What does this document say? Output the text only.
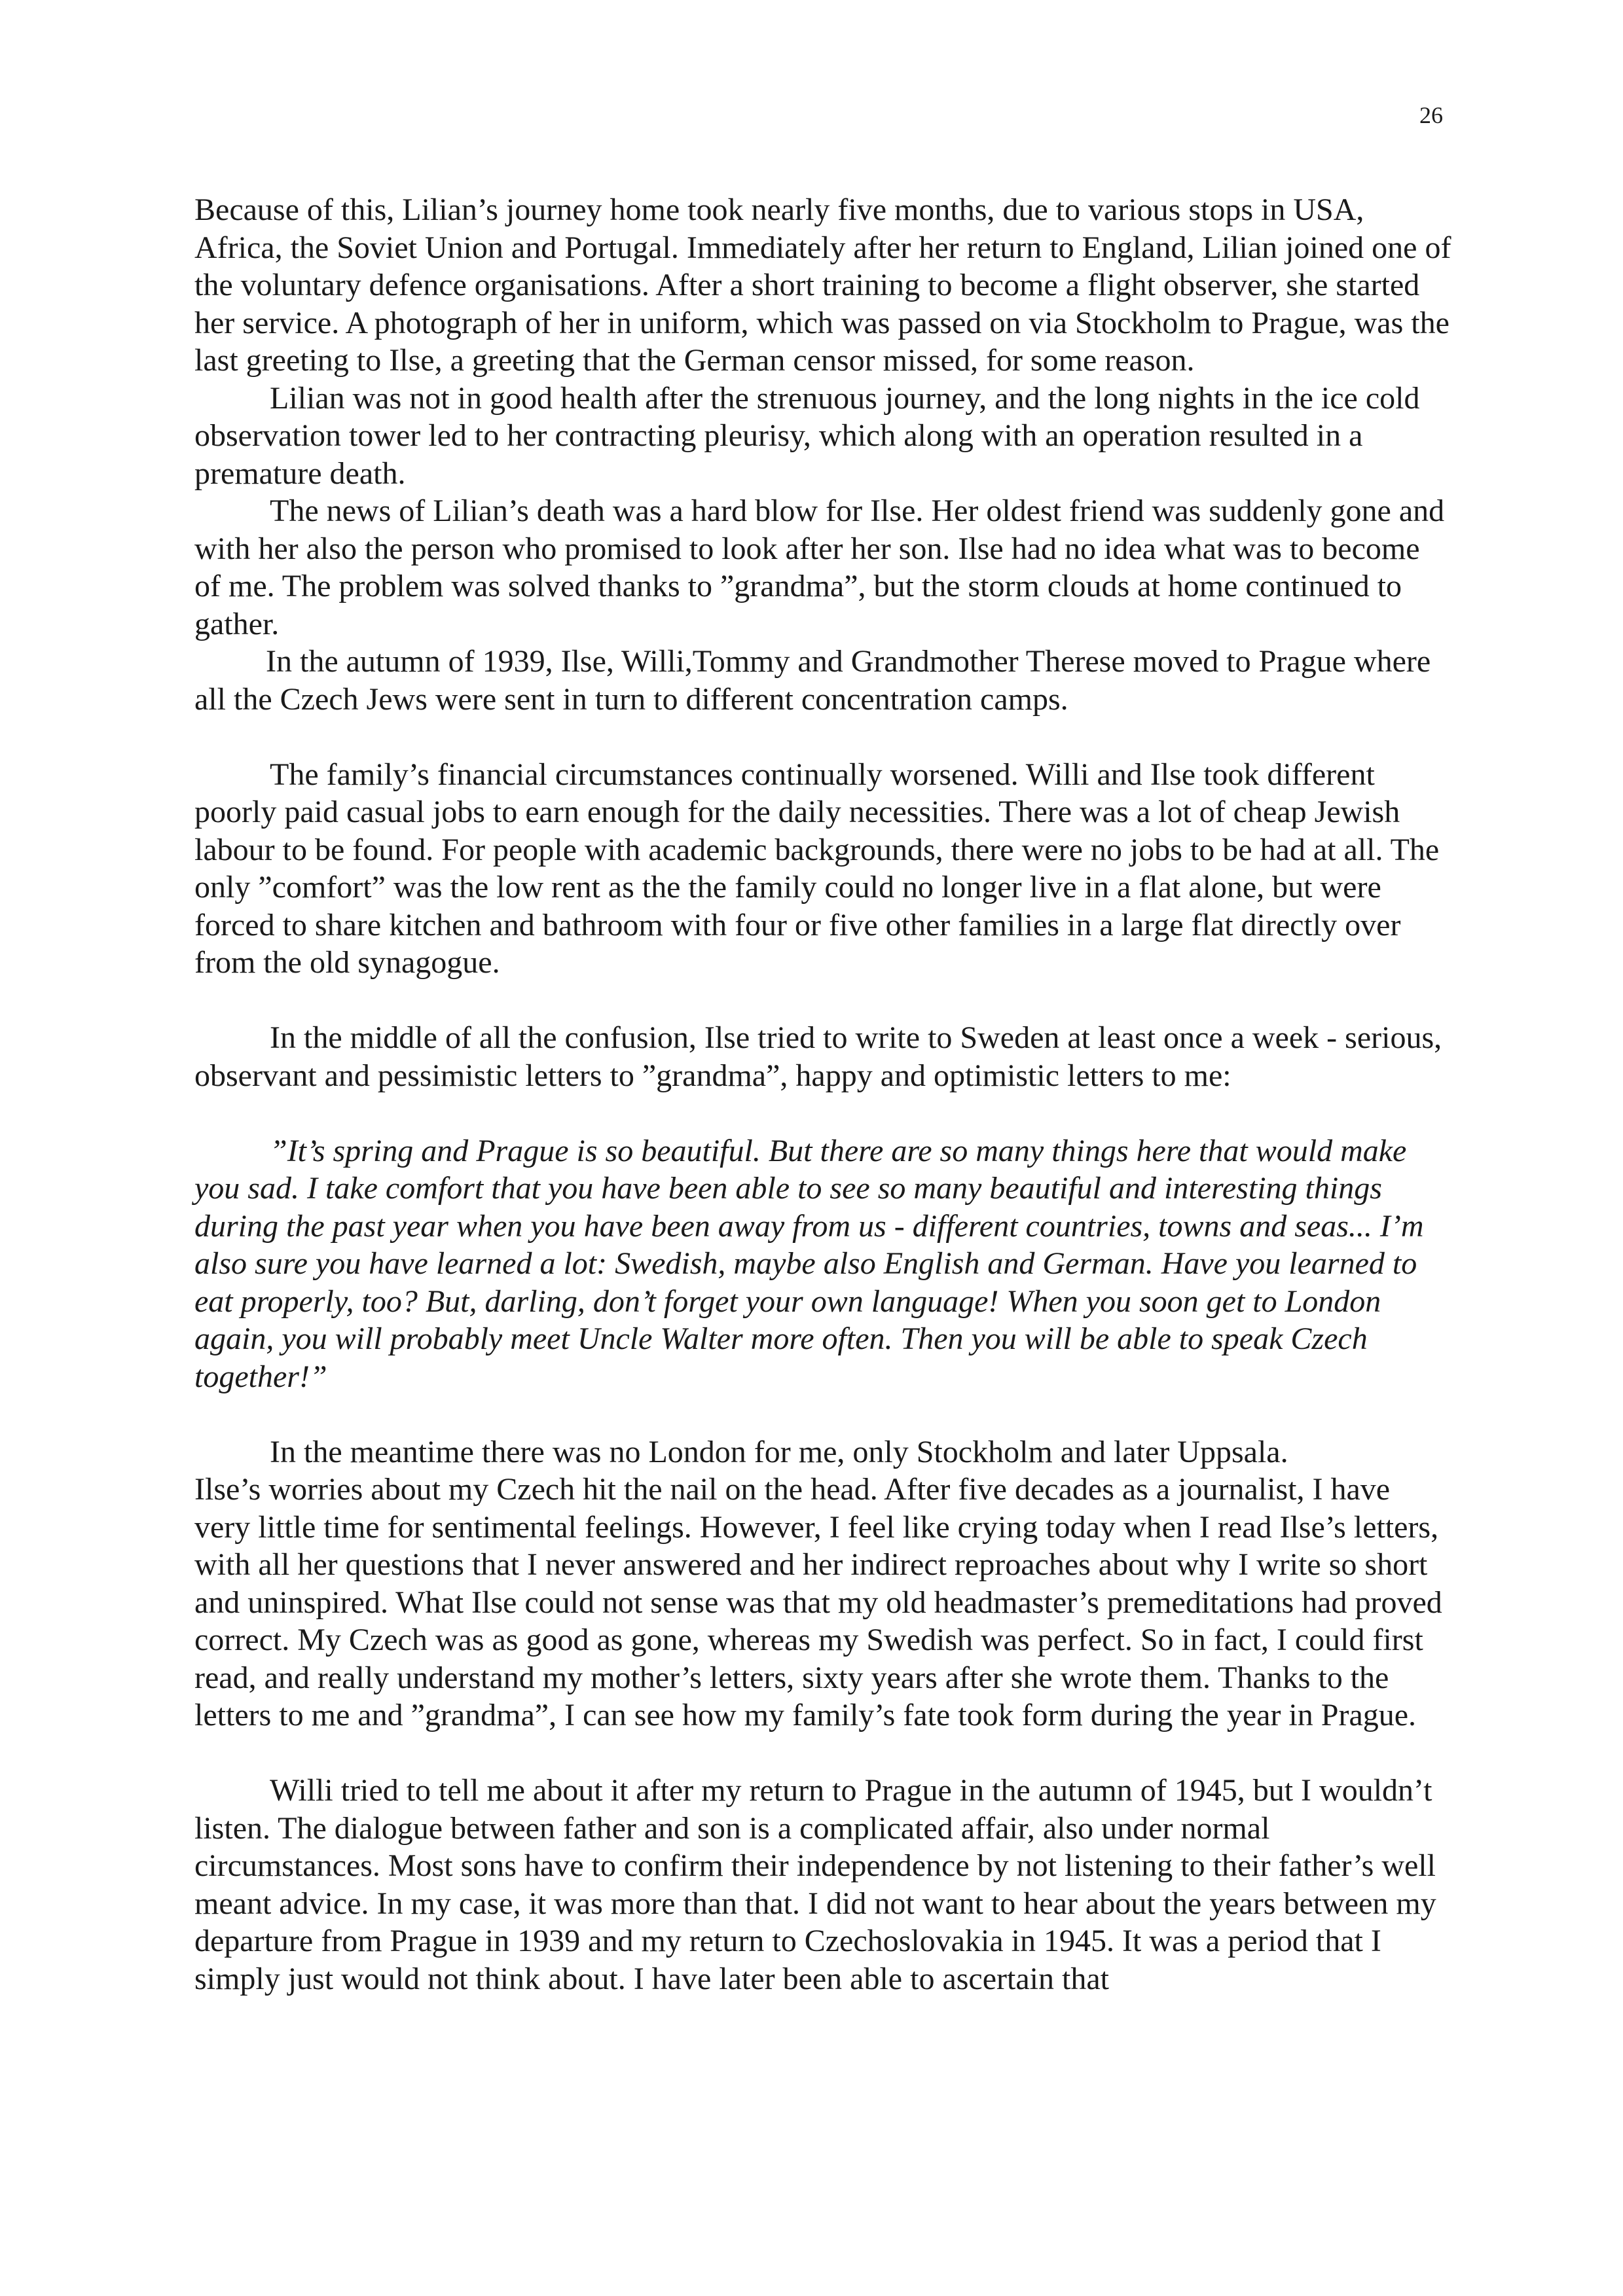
26

Because of this, Lilian’s journey home took nearly five months, due to various stops in USA, Africa, the Soviet Union and Portugal. Immediately after her return to England, Lilian joined one of the voluntary defence organisations. After a short training to become a flight observer, she started her service. A photograph of her in uniform, which was passed on via Stockholm to Prague, was the last greeting to Ilse, a greeting that the German censor missed, for some reason.

Lilian was not in good health after the strenuous journey, and the long nights in the ice cold observation tower led to her contracting pleurisy, which along with an operation resulted in a premature death.

The news of Lilian’s death was a hard blow for Ilse. Her oldest friend was suddenly gone and with her also the person who promised to look after her son. Ilse had no idea what was to become of me. The problem was solved thanks to ”grandma”, but the storm clouds at home continued to gather.

In the autumn of 1939, Ilse, Willi,Tommy and Grandmother Therese moved to Prague where all the Czech Jews were sent in turn to different concentration camps.

The family’s financial circumstances continually worsened. Willi and Ilse took different poorly paid casual jobs to earn enough for the daily necessities. There was a lot of cheap Jewish labour to be found. For people with academic backgrounds, there were no jobs to be had at all. The only ”comfort” was the low rent as the the family could no longer live in a flat alone, but were forced to share kitchen and bathroom with four or five other families in a large flat directly over from the old synagogue.

In the middle of all the confusion, Ilse tried to write to Sweden at least once a week - serious, observant and pessimistic letters to ”grandma”, happy and optimistic letters to me:

”It’s spring and Prague is so beautiful. But there are so many things here that would make you sad. I take comfort that you have been able to see so many beautiful and interesting things during the past year when you have been away from us - different countries, towns and seas... I’m also sure you have learned a lot: Swedish, maybe also English and German. Have you learned to eat properly, too? But, darling, don’t forget your own language! When you soon get to London again, you will probably meet Uncle Walter more often. Then you will be able to speak Czech together!”

In the meantime there was no London for me, only Stockholm and later Uppsala.

Ilse’s worries about my Czech hit the nail on the head. After five decades as a journalist, I have very little time for sentimental feelings. However, I feel like crying today when I read Ilse’s letters, with all her questions that I never answered and her indirect reproaches about why I write so short and uninspired. What Ilse could not sense was that my old headmaster’s premeditations had proved correct. My Czech was as good as gone, whereas my Swedish was perfect. So in fact, I could first read, and really understand my mother’s letters, sixty years after she wrote them. Thanks to the letters to me and ”grandma”, I can see how my family’s fate took form during the year in Prague.

Willi tried to tell me about it after my return to Prague in the autumn of 1945, but I wouldn’t listen. The dialogue between father and son is a complicated affair, also under normal circumstances. Most sons have to confirm their independence by not listening to their father’s well meant advice. In my case, it was more than that. I did not want to hear about the years between my departure from Prague in 1939 and my return to Czechoslovakia in 1945. It was a period that I simply just would not think about. I have later been able to ascertain that
